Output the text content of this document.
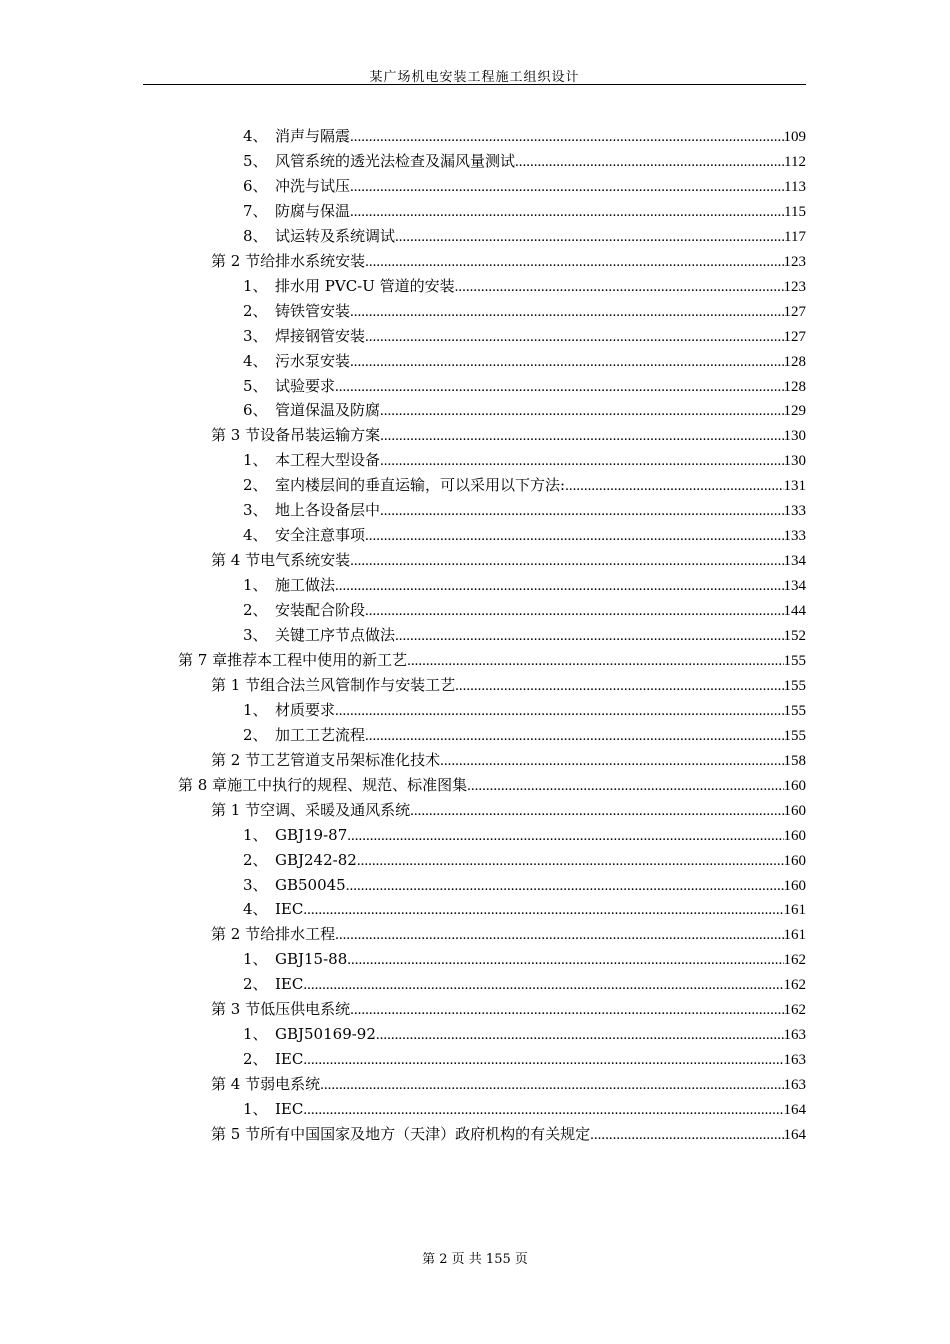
某广场机电安装工程施工组织设计
4、 消声与隔震 .....	109
5、 风管系统的透光法检查及漏风量测试 .....	112
6、 冲洗与试压 .....	113
7、 防腐与保温 .....	115
8、 试运转及系统调试 .....	117
第 2 节 给排水系统安装 .....	123
1、 排水用 PVC-U 管道的安装 .....	123
2、 铸铁管安装 .....	127
3、 焊接钢管安装 .....	127
4、 污水泵安装 .....	128
5、 试验要求 .....	128
6、 管道保温及防腐 .....	129
第 3 节 设备吊装运输方案 .....	130
1、 本工程大型设备 .....	130
2、 室内楼层间的垂直运输，可以采用以下方法: .....	131
3、 地上各设备层中 .....	133
4、 安全注意事项 .....	133
第 4 节 电气系统安装 .....	134
1、 施工做法 .....	134
2、 安装配合阶段 .....	144
3、 关键工序节点做法 .....	152
第 7 章 推荐本工程中使用的新工艺 .....	155
第 1 节 组合法兰风管制作与安装工艺 .....	155
1、 材质要求 .....	155
2、 加工工艺流程 .....	155
第 2 节 工艺管道支吊架标准化技术 .....	158
第 8 章 施工中执行的规程、规范、标准图集 .....	160
第 1 节 空调、采暖及通风系统 .....	160
1、 GBJ19-87 .....	160
2、 GBJ242-82 .....	160
3、 GB50045 .....	160
4、 IEC .....	161
第 2 节 给排水工程 .....	161
1、 GBJ15-88 .....	162
2、 IEC .....	162
第 3 节 低压供电系统 .....	162
1、 GBJ50169-92 .....	163
2、 IEC .....	163
第 4 节 弱电系统 .....	163
1、 IEC .....	164
第 5 节 所有中国国家及地方（天津）政府机构的有关规定 .....	164
第 2 页 共 155 页
